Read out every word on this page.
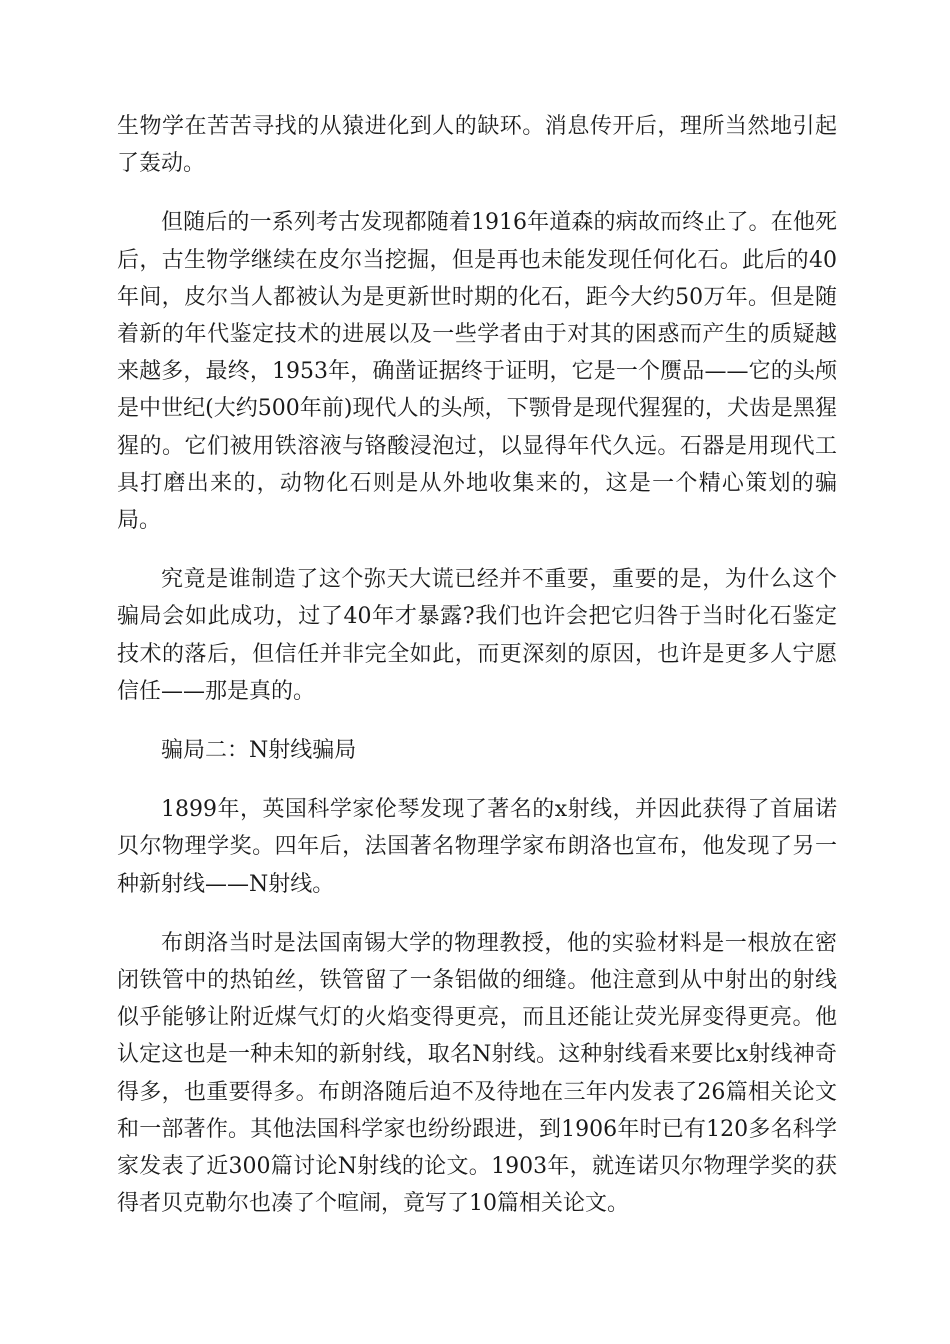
生物学在苦苦寻找的从猿进化到人的缺环。消息传开后，理所当然地引起了轰动。

但随后的一系列考古发现都随着1916年道森的病故而终止了。在他死后，古生物学继续在皮尔当挖掘，但是再也未能发现任何化石。此后的40年间，皮尔当人都被认为是更新世时期的化石，距今大约50万年。但是随着新的年代鉴定技术的进展以及一些学者由于对其的困惑而产生的质疑越来越多，最终，1953年，确凿证据终于证明，它是一个赝品——它的头颅是中世纪(大约500年前)现代人的头颅，下颚骨是现代猩猩的，犬齿是黑猩猩的。它们被用铁溶液与铬酸浸泡过，以显得年代久远。石器是用现代工具打磨出来的，动物化石则是从外地收集来的，这是一个精心策划的骗局。

究竟是谁制造了这个弥天大谎已经并不重要，重要的是，为什么这个骗局会如此成功，过了40年才暴露?我们也许会把它归咎于当时化石鉴定技术的落后，但信任并非完全如此，而更深刻的原因，也许是更多人宁愿信任——那是真的。

骗局二：N射线骗局

1899年，英国科学家伦琴发现了著名的x射线，并因此获得了首届诺贝尔物理学奖。四年后，法国著名物理学家布朗洛也宣布，他发现了另一种新射线——N射线。

布朗洛当时是法国南锡大学的物理教授，他的实验材料是一根放在密闭铁管中的热铂丝，铁管留了一条铝做的细缝。他注意到从中射出的射线似乎能够让附近煤气灯的火焰变得更亮，而且还能让荧光屏变得更亮。他认定这也是一种未知的新射线，取名N射线。这种射线看来要比x射线神奇得多，也重要得多。布朗洛随后迫不及待地在三年内发表了26篇相关论文和一部著作。其他法国科学家也纷纷跟进，到1906年时已有120多名科学家发表了近300篇讨论N射线的论文。1903年，就连诺贝尔物理学奖的获得者贝克勒尔也凑了个喧闹，竟写了10篇相关论文。
